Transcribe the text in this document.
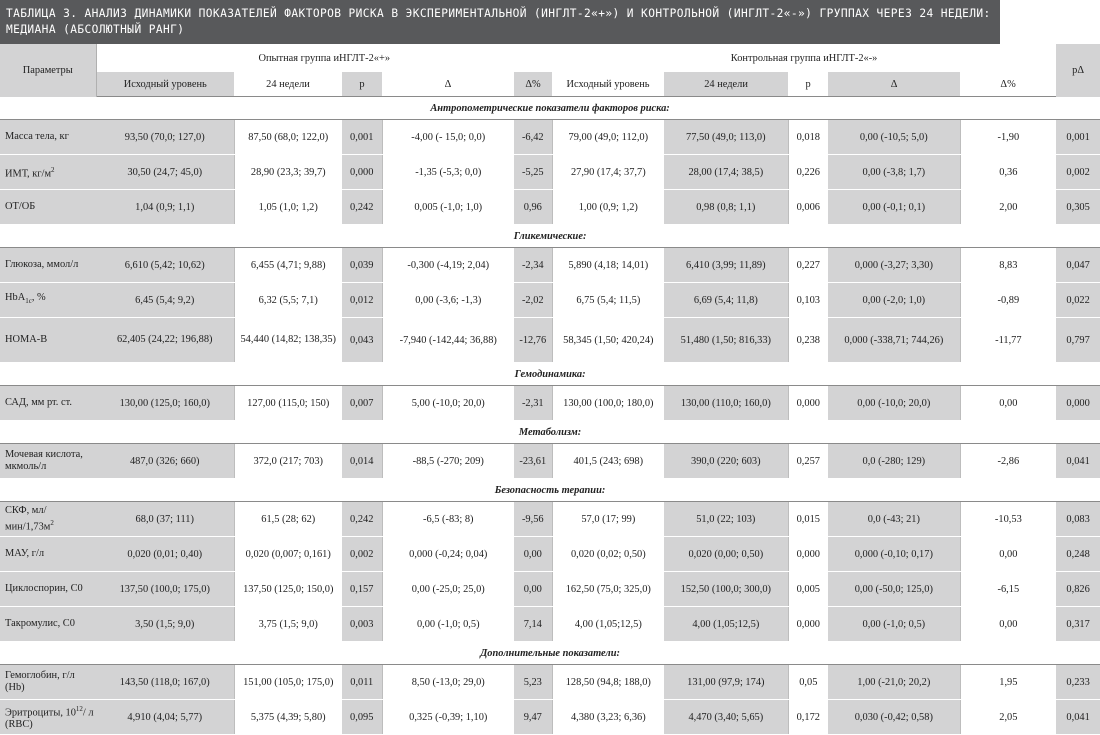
ТАБЛИЦА 3. АНАЛИЗ ДИНАМИКИ ПОКАЗАТЕЛЕЙ ФАКТОРОВ РИСКА В ЭКСПЕРИМЕНТАЛЬНОЙ (ИНГЛТ-2«+») И КОНТРОЛЬНОЙ (ИНГЛТ-2«-») ГРУППАХ ЧЕРЕЗ 24 НЕДЕЛИ: МЕДИАНА (АБСОЛЮТНЫЙ РАНГ)
Параметры	Опытная группа иНГЛТ-2«+»					Контрольная группа иНГЛТ-2«-»					pΔ
	Исходный уровень	24 недели	p	Δ	Δ%	Исходный уровень	24 недели	p	Δ	Δ%	
Антропометрические показатели факторов риска:											
Масса тела, кг	93,50 (70,0; 127,0)	87,50 (68,0; 122,0)	0,001	-4,00 (- 15,0; 0,0)	-6,42	79,00 (49,0; 112,0)	77,50 (49,0; 113,0)	0,018	0,00 (-10,5; 5,0)	-1,90	0,001
ИМТ, $кг/м^2$	30,50 (24,7; 45,0)	28,90 (23,3; 39,7)	0,000	-1,35 (-5,3; 0,0)	-5,25	27,90 (17,4; 37,7)	28,00 (17,4; 38,5)	0,226	0,00 (-3,8; 1,7)	0,36	0,002
ОТ/ОБ	1,04 (0,9; 1,1)	1,05 (1,0; 1,2)	0,242	0,005 (-1,0; 1,0)	0,96	1,00 (0,9; 1,2)	0,98 (0,8; 1,1)	0,006	0,00 (-0,1; 0,1)	2,00	0,305
Гликемические:											
Глюкоза, ммол/л	6,610 (5,42; 10,62)	6,455 (4,71; 9,88)	0,039	-0,300 (-4,19; 2,04)	-2,34	5,890 (4,18; 14,01)	6,410 (3,99; 11,89)	0,227	0,000 (-3,27; 3,30)	8,83	0,047
HbA$_{1c}$, %	6,45 (5,4; 9,2)	6,32 (5,5; 7,1)	0,012	0,00 (-3,6; -1,3)	-2,02	6,75 (5,4; 11,5)	6,69 (5,4; 11,8)	0,103	0,00 (-2,0; 1,0)	-0,89	0,022
НОМА-В	62,405 (24,22; 196,88)	54,440 (14,82; 138,35)	0,043	-7,940 (-142,44; 36,88)	-12,76	58,345 (1,50; 420,24)	51,480 (1,50; 816,33)	0,238	0,000 (-338,71; 744,26)	-11,77	0,797
Гемодинамика:											
САД, мм рт. ст.	130,00 (125,0; 160,0)	127,00 (115,0; 150)	0,007	5,00 (-10,0; 20,0)	-2,31	130,00 (100,0; 180,0)	130,00 (110,0; 160,0)	0,000	0,00 (-10,0; 20,0)	0,00	0,000
Метаболизм:											
Мочевая кислота, мкмоль/л	487,0 (326; 660)	372,0 (217; 703)	0,014	-88,5 (-270; 209)	-23,61	401,5 (243; 698)	390,0 (220; 603)	0,257	0,0 (-280; 129)	-2,86	0,041
Безопасность терапии:											
СКФ, $мл/мин/1,73м^2$	68,0 (37; 111)	61,5 (28; 62)	0,242	-6,5 (-83; 8)	-9,56	57,0 (17; 99)	51,0 (22; 103)	0,015	0,0 (-43; 21)	-10,53	0,083
МАУ, г/л	0,020 (0,01; 0,40)	0,020 (0,007; 0,161)	0,002	0,000 (-0,24; 0,04)	0,00	0,020 (0,02; 0,50)	0,020 (0,00; 0,50)	0,000	0,000 (-0,10; 0,17)	0,00	0,248
Циклоспорин, С0	137,50 (100,0; 175,0)	137,50 (125,0; 150,0)	0,157	0,00 (-25,0; 25,0)	0,00	162,50 (75,0; 325,0)	152,50 (100,0; 300,0)	0,005	0,00 (-50,0; 125,0)	-6,15	0,826
Такромулис, С0	3,50 (1,5; 9,0)	3,75 (1,5; 9,0)	0,003	0,00 (-1,0; 0,5)	7,14	4,00 (1,05;12,5)	4,00 (1,05;12,5)	0,000	0,00 (-1,0; 0,5)	0,00	0,317
Дополнительные показатели:											
Гемоглобин, г/л (Hb)	143,50 (118,0; 167,0)	151,00 (105,0; 175,0)	0,011	8,50 (-13,0; 29,0)	5,23	128,50 (94,8; 188,0)	131,00 (97,9; 174)	0,05	1,00 (-21,0; 20,2)	1,95	0,233
Эритроциты, $10^{12}/$ л (RBC)	4,910 (4,04; 5,77)	5,375 (4,39; 5,80)	0,095	0,325 (-0,39; 1,10)	9,47	4,380 (3,23; 6,36)	4,470 (3,40; 5,65)	0,172	0,030 (-0,42; 0,58)	2,05	0,041
